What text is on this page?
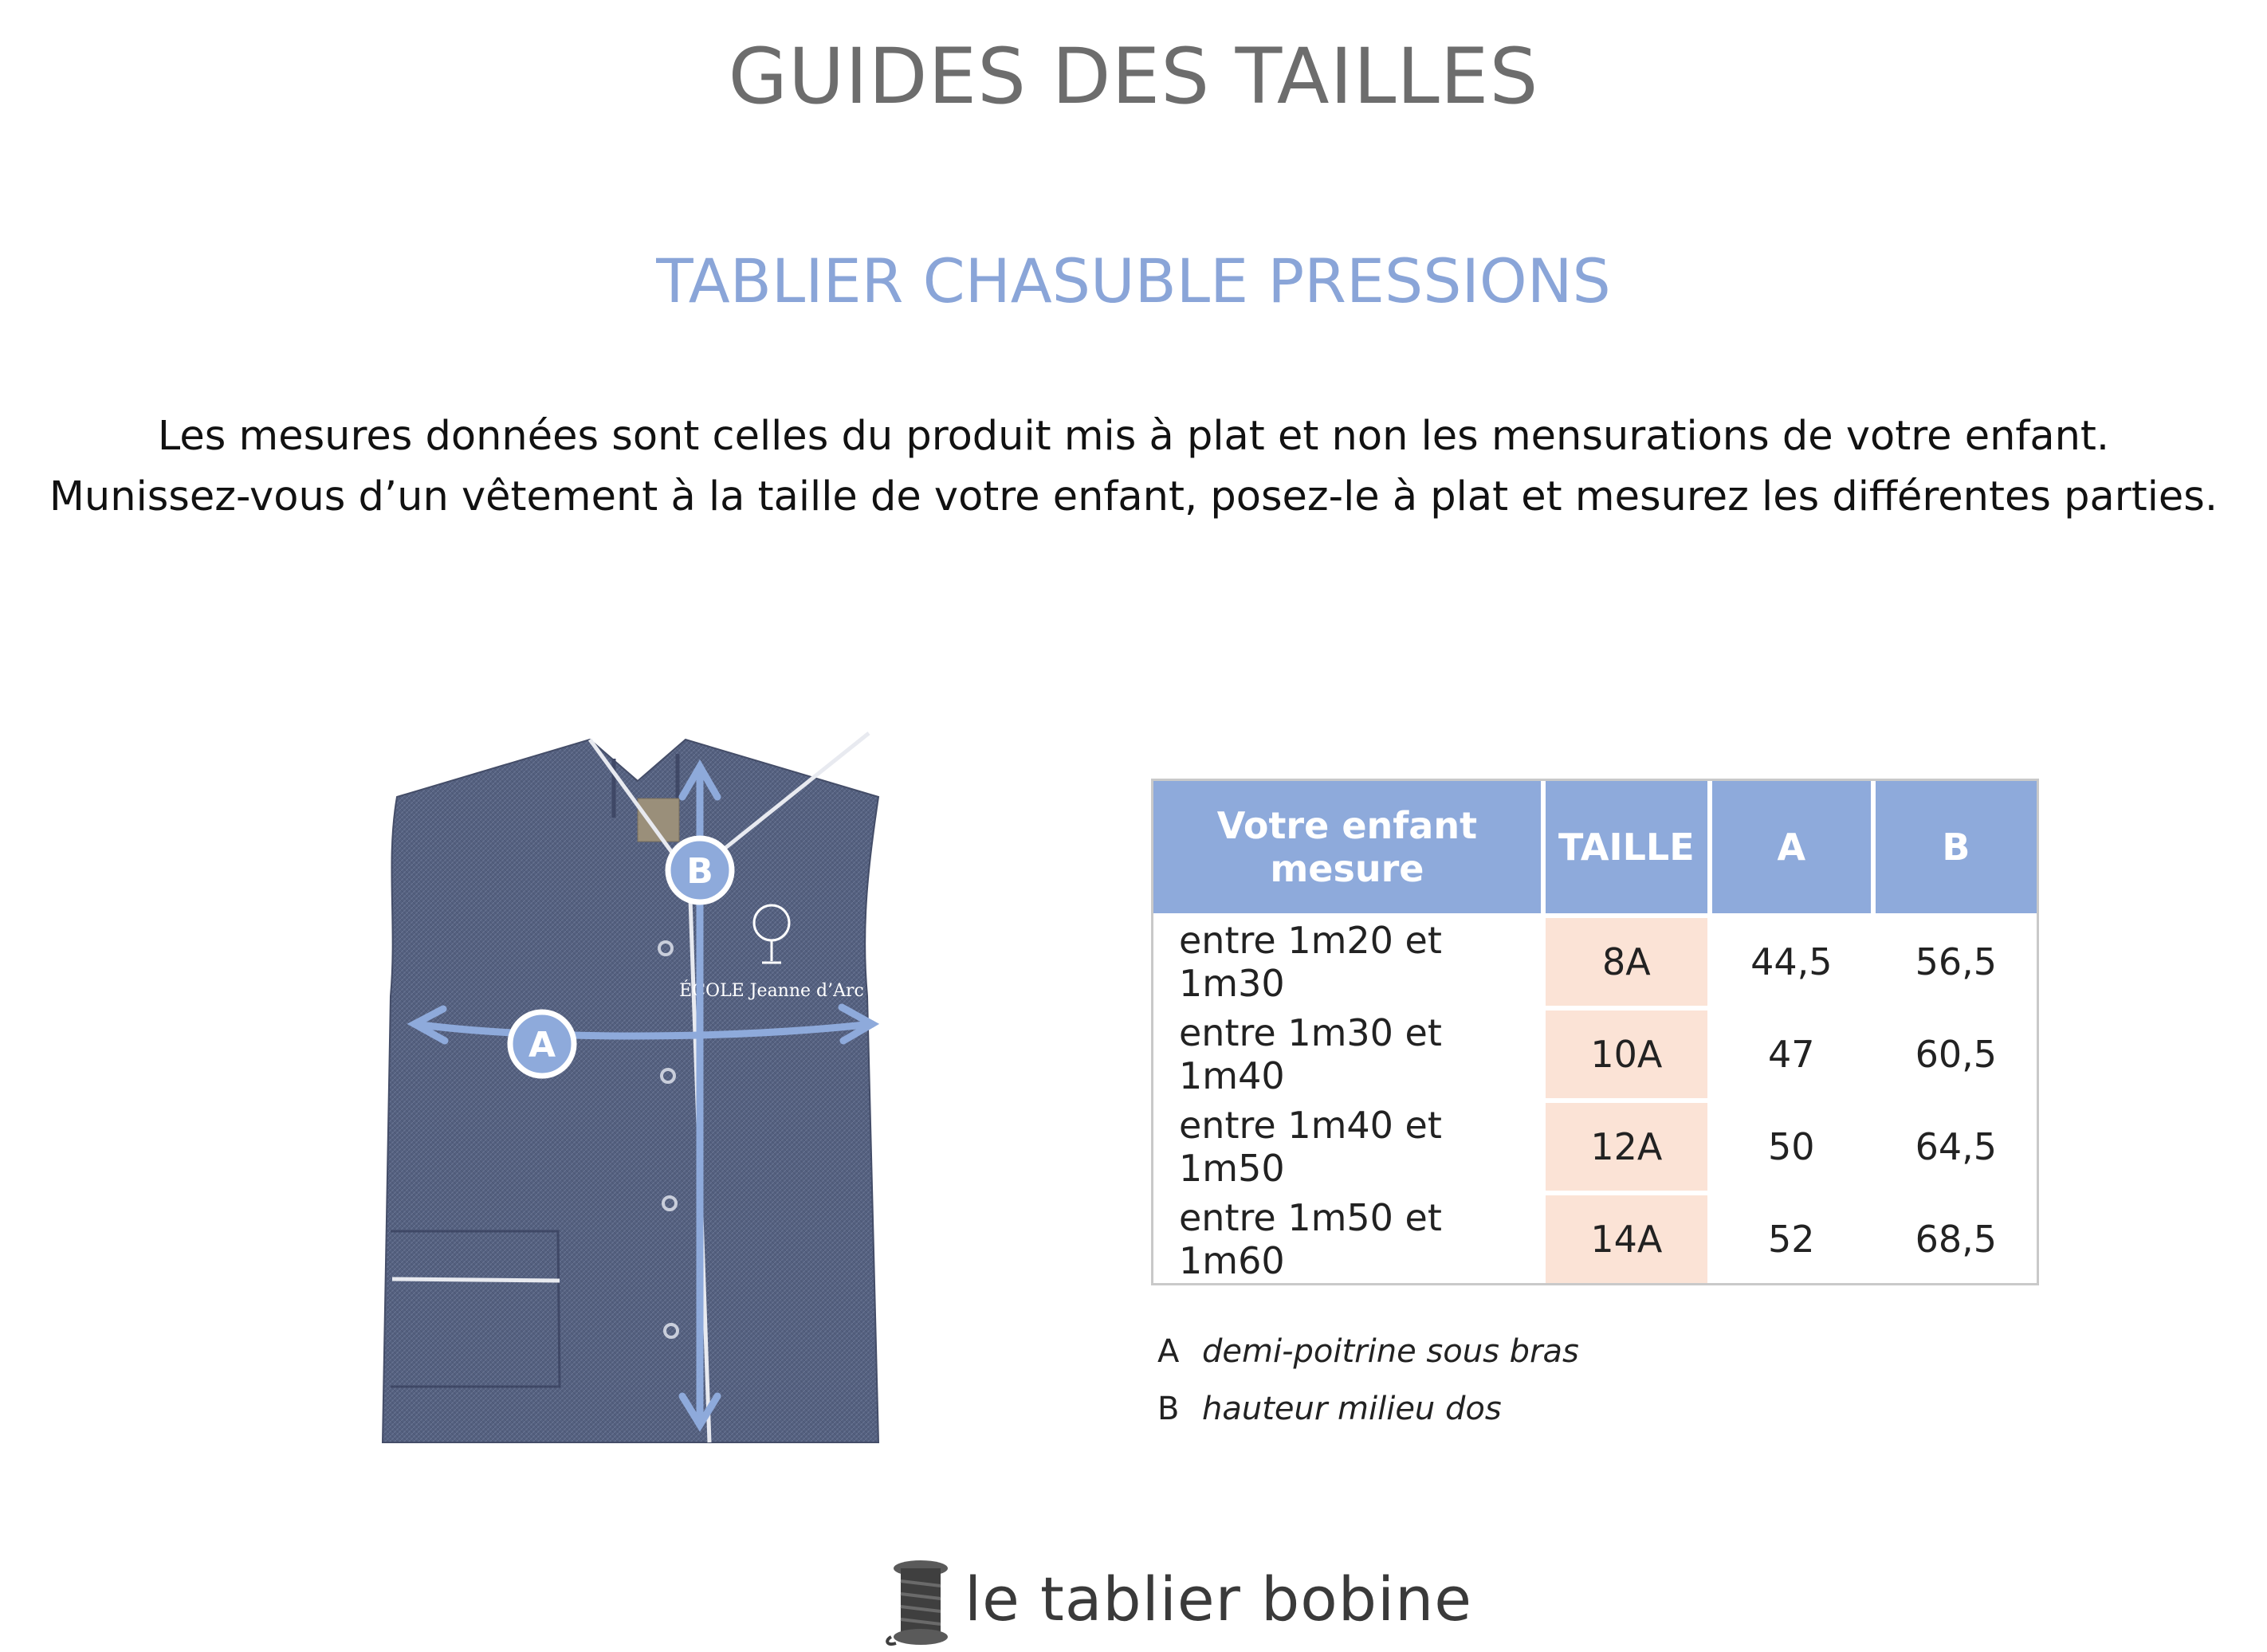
GUIDES DES TAILLES
TABLIER CHASUBLE PRESSIONS

Les mesures données sont celles du produit mis à plat et non les mensurations de votre enfant.

Munissez-vous d’un vêtement à la taille de votre enfant, posez-le à plat et mesurez les différentes parties.

ÉCOLE Jeanne d’Arc
B
A
Votre enfant mesure	TAILLE	A	B
entre 1m20 et 1m30	8A	44,5	56,5
entre 1m30 et 1m40	10A	47	60,5
entre 1m40 et 1m50	12A	50	64,5
entre 1m50 et 1m60	14A	52	68,5
A demi-poitrine sous bras
B hauteur milieu dos
le tablier bobine
